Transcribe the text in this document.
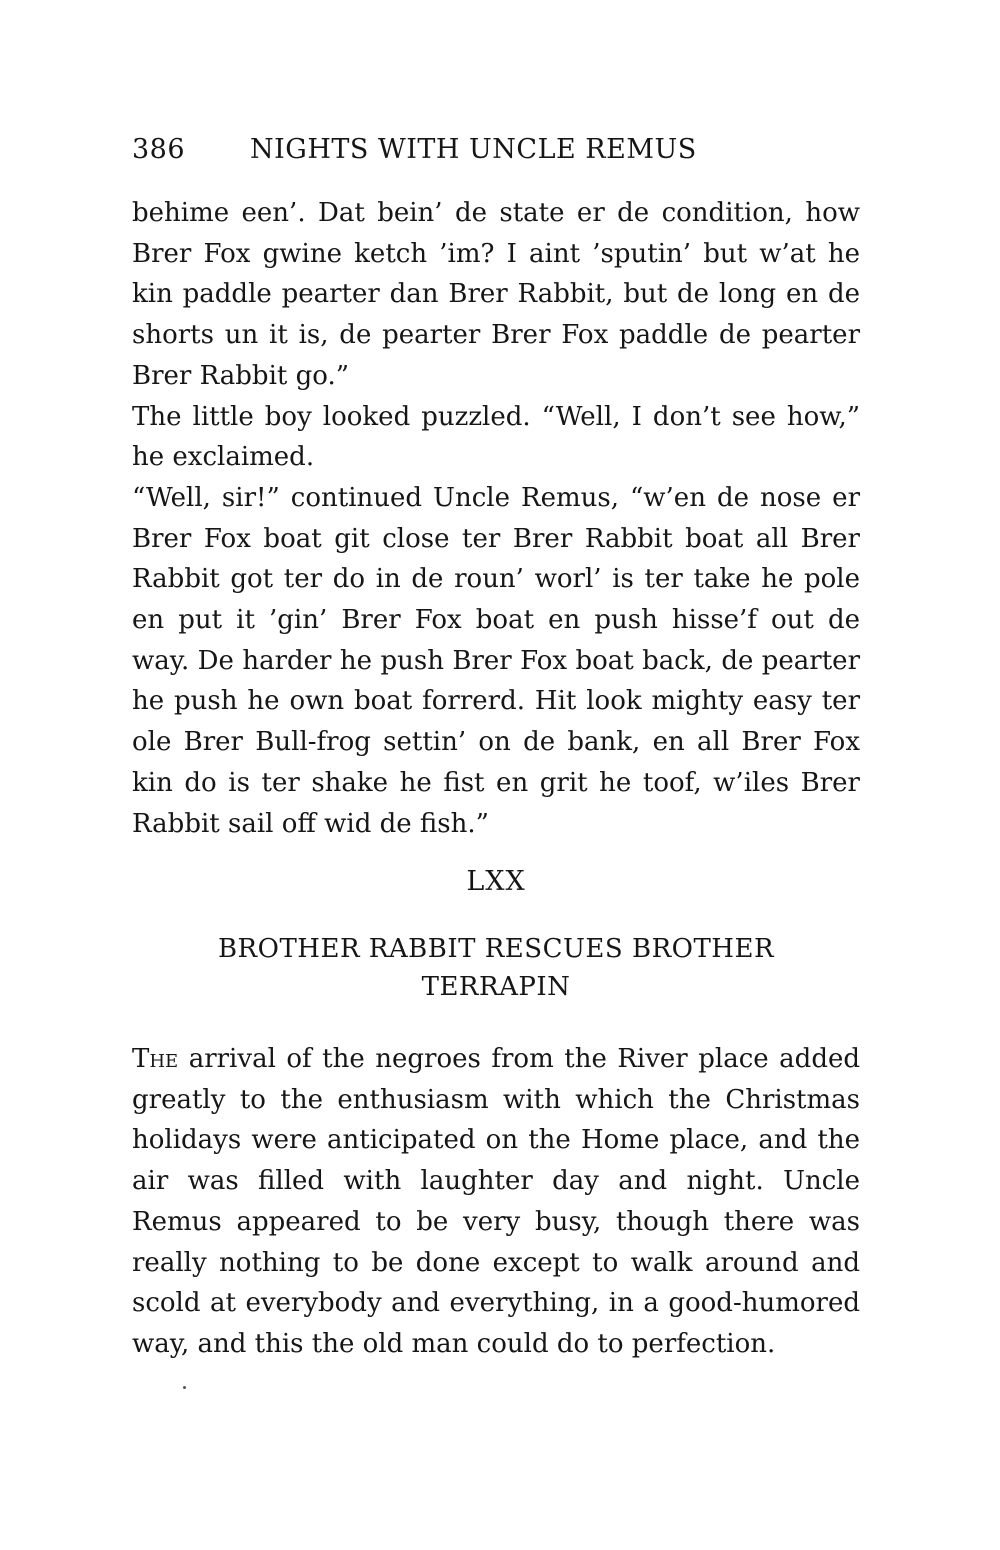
386 NIGHTS WITH UNCLE REMUS

behime een’. Dat bein’ de state er de condition, how Brer Fox gwine ketch ’im? I aint ’sputin’ but w’at he kin paddle pearter dan Brer Rabbit, but de long en de shorts un it is, de pearter Brer Fox paddle de pearter Brer Rabbit go.”

The little boy looked puzzled. “Well, I don’t see how,” he exclaimed.

“Well, sir!” continued Uncle Remus, “w’en de nose er Brer Fox boat git close ter Brer Rabbit boat all Brer Rabbit got ter do in de roun’ worl’ is ter take he pole en put it ’gin’ Brer Fox boat en push hisse’f out de way. De harder he push Brer Fox boat back, de pearter he push he own boat forrerd. Hit look mighty easy ter ole Brer Bull-frog settin’ on de bank, en all Brer Fox kin do is ter shake he fist en grit he toof, w’iles Brer Rabbit sail off wid de fish.”

LXX
BROTHER RABBIT RESCUES BROTHER
TERRAPIN

The arrival of the negroes from the River place added greatly to the enthusiasm with which the Christmas holidays were anticipated on the Home place, and the air was filled with laughter day and night. Uncle Remus appeared to be very busy, though there was really nothing to be done except to walk around and scold at everybody and everything, in a good-humored way, and this the old man could do to perfection.
